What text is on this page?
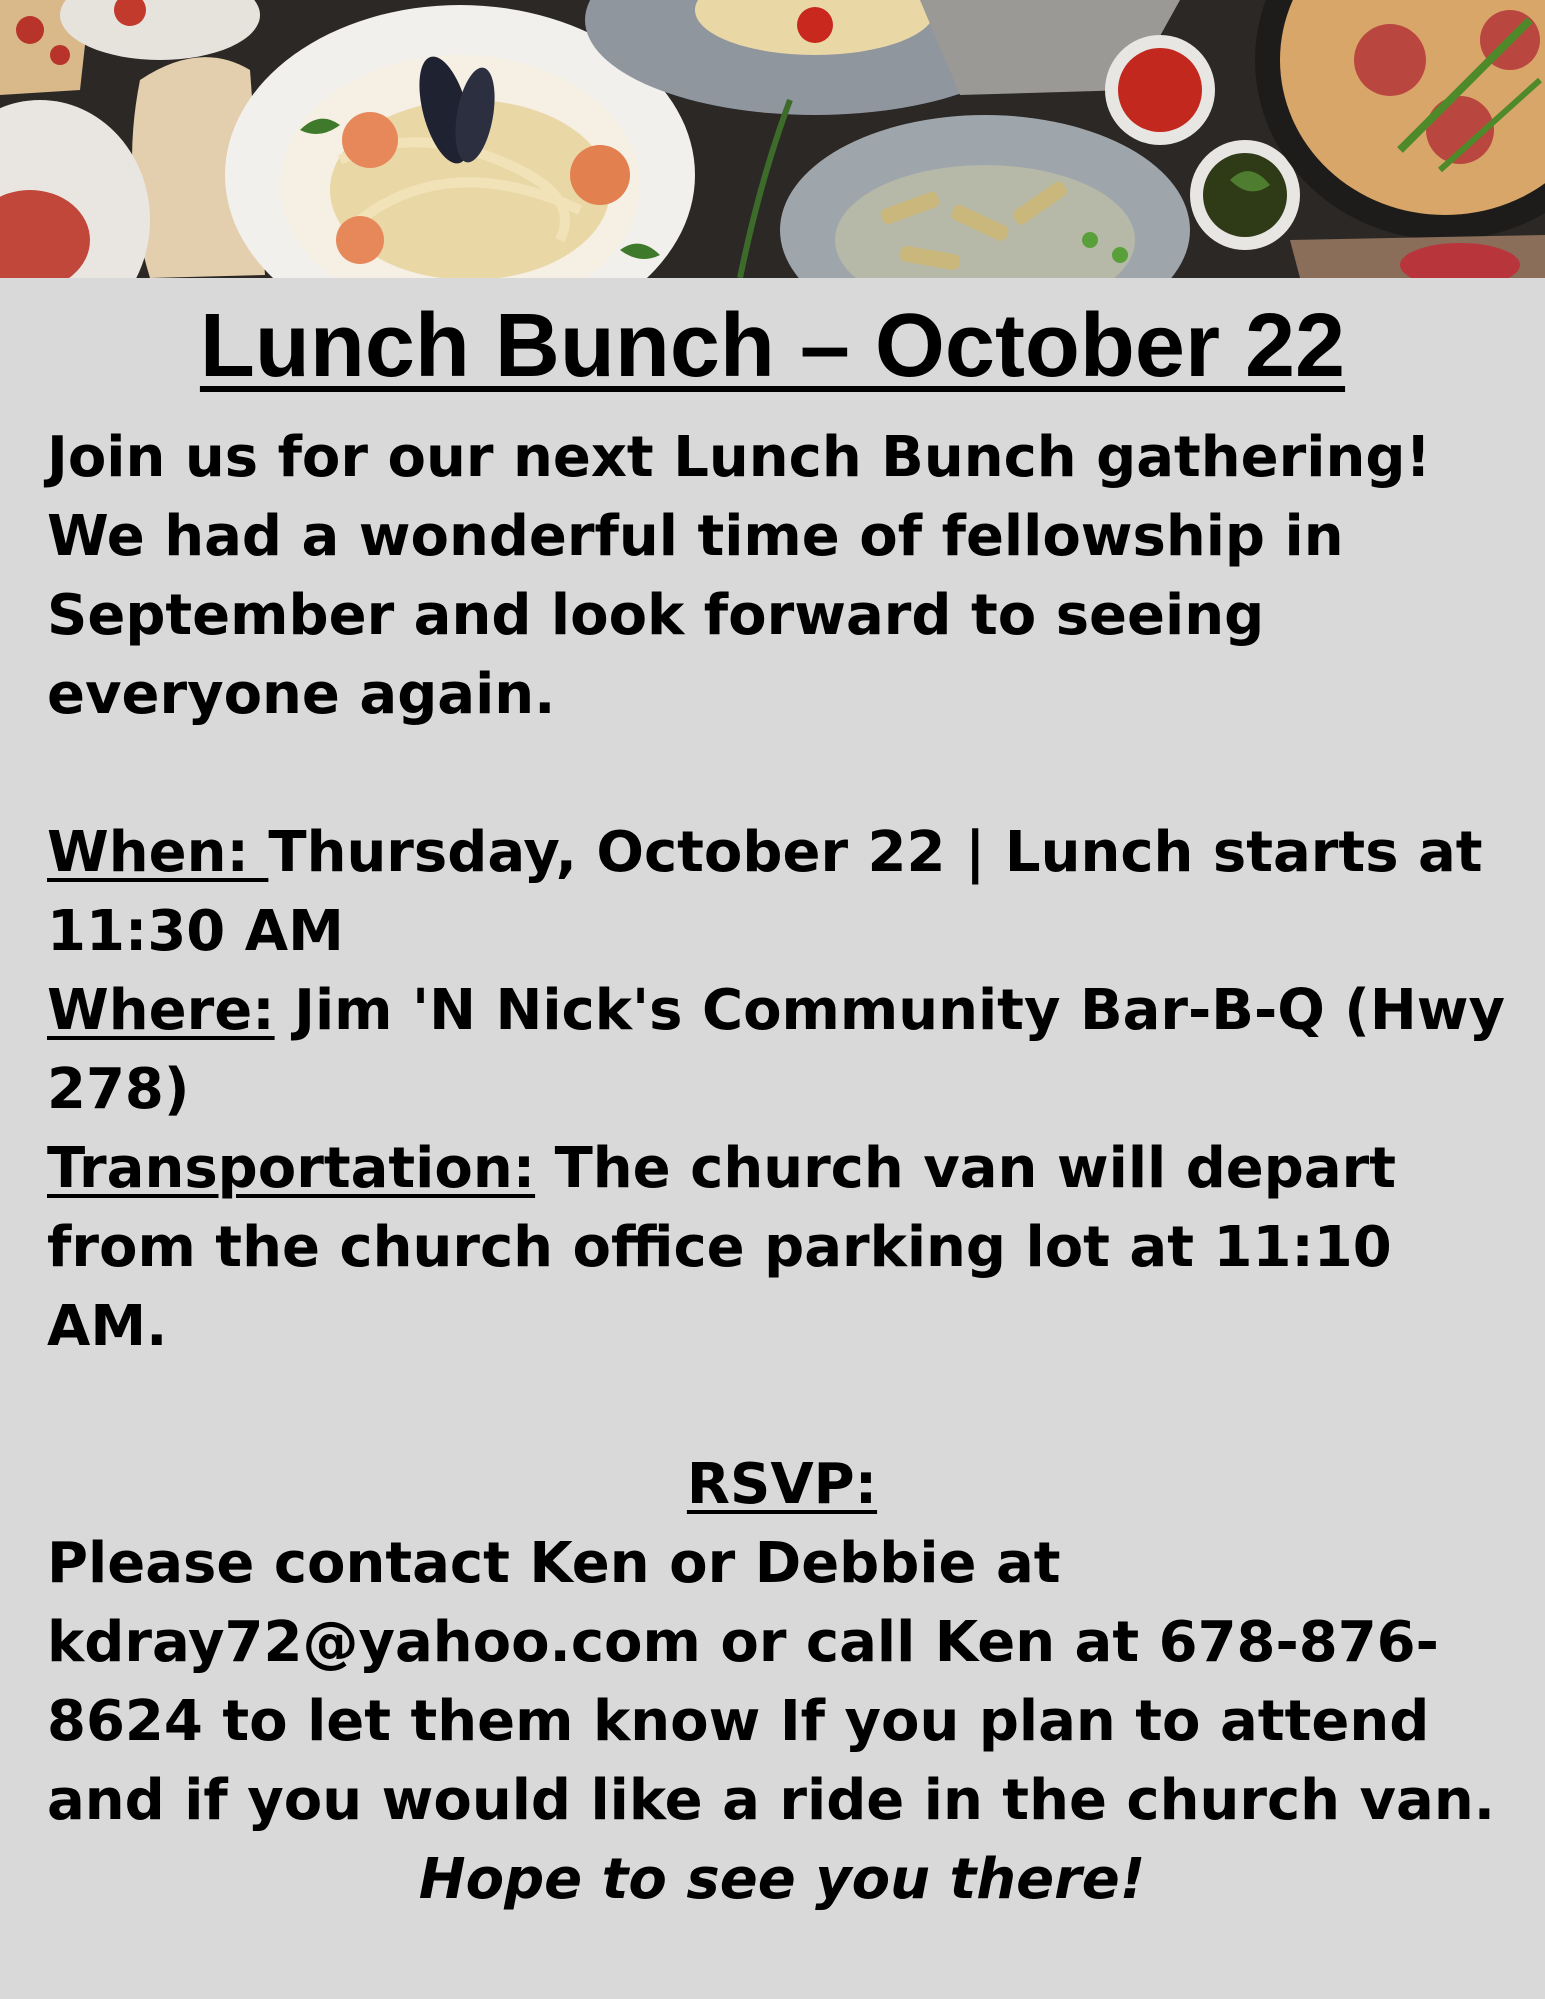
Lunch Bunch – October 22

Join us for our next Lunch Bunch gathering! We had a wonderful time of fellowship in September and look forward to seeing everyone again.

When: Thursday, October 22 | Lunch starts at 11:30 AM

Where: Jim 'N Nick's Community Bar-B-Q (Hwy 278)

Transportation: The church van will depart from the church office parking lot at 11:10 AM.

RSVP:

Please contact Ken or Debbie at kdray72@yahoo.com or call Ken at 678-876-8624 to let them know If you plan to attend and if you would like a ride in the church van.

Hope to see you there!
